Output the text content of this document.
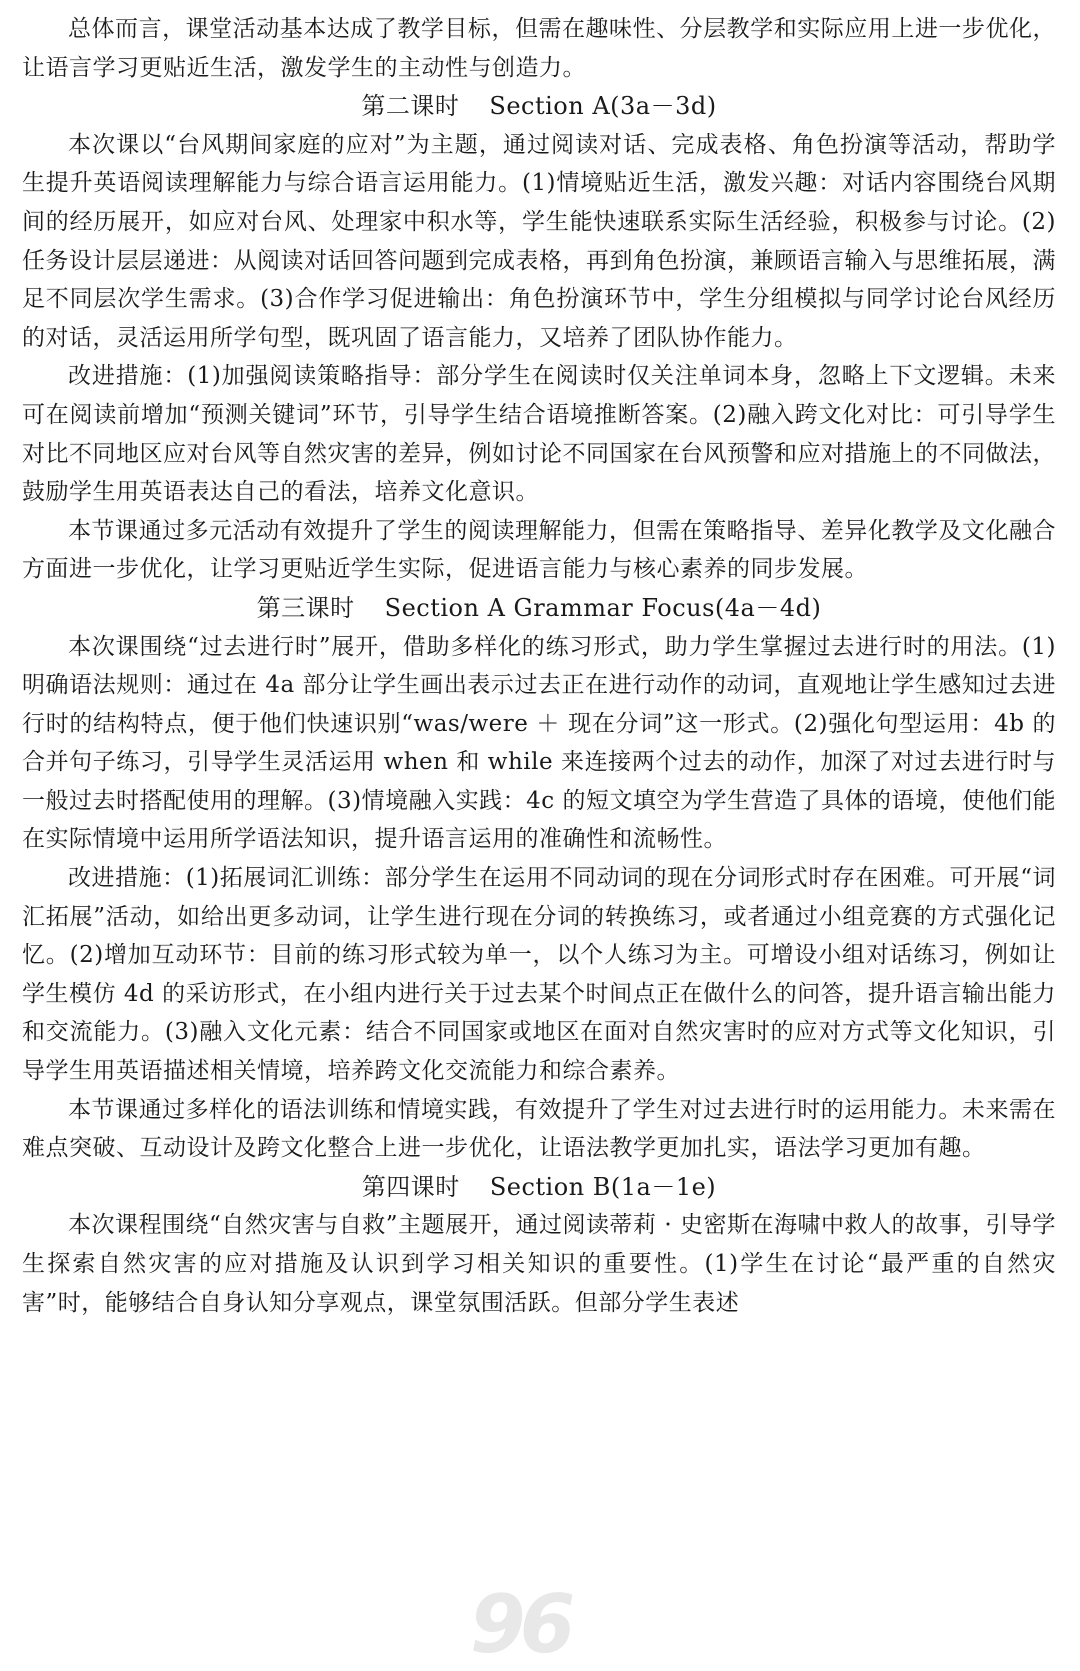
96

总体而言，课堂活动基本达成了教学目标，但需在趣味性、分层教学和实际应用上进一步优化，让语言学习更贴近生活，激发学生的主动性与创造力。

第二课时 Section A(3a－3d)

本次课以“台风期间家庭的应对”为主题，通过阅读对话、完成表格、角色扮演等活动，帮助学生提升英语阅读理解能力与综合语言运用能力。(1)情境贴近生活，激发兴趣：对话内容围绕台风期间的经历展开，如应对台风、处理家中积水等，学生能快速联系实际生活经验，积极参与讨论。(2)任务设计层层递进：从阅读对话回答问题到完成表格，再到角色扮演，兼顾语言输入与思维拓展，满足不同层次学生需求。(3)合作学习促进输出：角色扮演环节中，学生分组模拟与同学讨论台风经历的对话，灵活运用所学句型，既巩固了语言能力，又培养了团队协作能力。

改进措施：(1)加强阅读策略指导：部分学生在阅读时仅关注单词本身，忽略上下文逻辑。未来可在阅读前增加“预测关键词”环节，引导学生结合语境推断答案。(2)融入跨文化对比：可引导学生对比不同地区应对台风等自然灾害的差异，例如讨论不同国家在台风预警和应对措施上的不同做法，鼓励学生用英语表达自己的看法，培养文化意识。

本节课通过多元活动有效提升了学生的阅读理解能力，但需在策略指导、差异化教学及文化融合方面进一步优化，让学习更贴近学生实际，促进语言能力与核心素养的同步发展。

第三课时 Section A Grammar Focus(4a－4d)

本次课围绕“过去进行时”展开，借助多样化的练习形式，助力学生掌握过去进行时的用法。(1)明确语法规则：通过在 4a 部分让学生画出表示过去正在进行动作的动词，直观地让学生感知过去进行时的结构特点，便于他们快速识别“was/were ＋ 现在分词”这一形式。(2)强化句型运用：4b 的合并句子练习，引导学生灵活运用 when 和 while 来连接两个过去的动作，加深了对过去进行时与一般过去时搭配使用的理解。(3)情境融入实践：4c 的短文填空为学生营造了具体的语境，使他们能在实际情境中运用所学语法知识，提升语言运用的准确性和流畅性。

改进措施：(1)拓展词汇训练：部分学生在运用不同动词的现在分词形式时存在困难。可开展“词汇拓展”活动，如给出更多动词，让学生进行现在分词的转换练习，或者通过小组竞赛的方式强化记忆。(2)增加互动环节：目前的练习形式较为单一，以个人练习为主。可增设小组对话练习，例如让学生模仿 4d 的采访形式，在小组内进行关于过去某个时间点正在做什么的问答，提升语言输出能力和交流能力。(3)融入文化元素：结合不同国家或地区在面对自然灾害时的应对方式等文化知识，引导学生用英语描述相关情境，培养跨文化交流能力和综合素养。

本节课通过多样化的语法训练和情境实践，有效提升了学生对过去进行时的运用能力。未来需在难点突破、互动设计及跨文化整合上进一步优化，让语法教学更加扎实，语法学习更加有趣。

第四课时 Section B(1a－1e)

本次课程围绕“自然灾害与自救”主题展开，通过阅读蒂莉 · 史密斯在海啸中救人的故事，引导学生探索自然灾害的应对措施及认识到学习相关知识的重要性。(1)学生在讨论“最严重的自然灾害”时，能够结合自身认知分享观点，课堂氛围活跃。但部分学生表述
